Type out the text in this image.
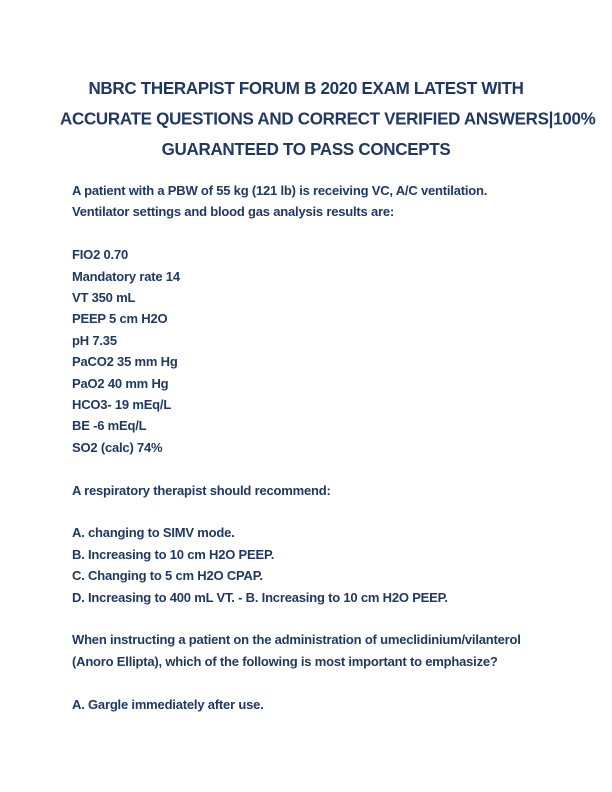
NBRC THERAPIST FORUM B 2020 EXAM LATEST WITH
ACCURATE QUESTIONS AND CORRECT VERIFIED ANSWERS|100%
GUARANTEED TO PASS CONCEPTS
A patient with a PBW of 55 kg (121 lb) is receiving VC, A/C ventilation.
Ventilator settings and blood gas analysis results are:
FIO2 0.70
Mandatory rate 14
VT 350 mL
PEEP 5 cm H2O
pH 7.35
PaCO2 35 mm Hg
PaO2 40 mm Hg
HCO3- 19 mEq/L
BE -6 mEq/L
SO2 (calc) 74%
A respiratory therapist should recommend:
A. changing to SIMV mode.
B. Increasing to 10 cm H2O PEEP.
C. Changing to 5 cm H2O CPAP.
D. Increasing to 400 mL VT. - B. Increasing to 10 cm H2O PEEP.
When instructing a patient on the administration of umeclidinium/vilanterol
(Anoro Ellipta), which of the following is most important to emphasize?
A. Gargle immediately after use.
